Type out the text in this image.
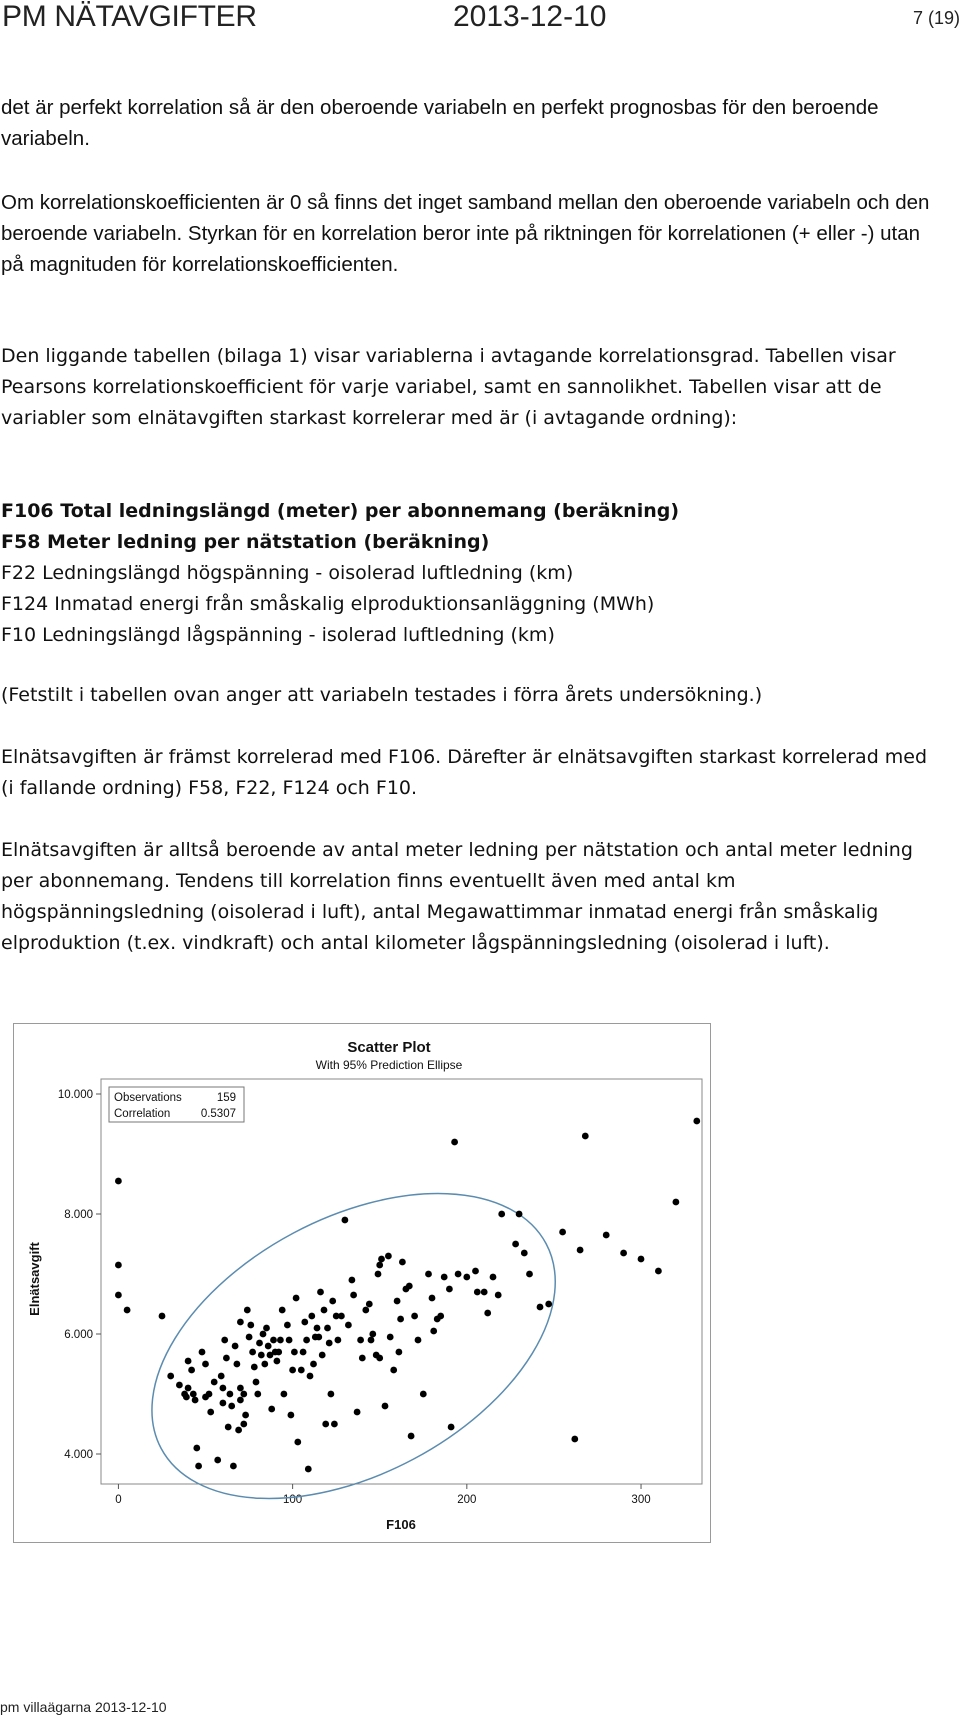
PM NÄTAVGIFTER	2013-12-10	7 (19)

det är perfekt korrelation så är den oberoende variabeln en perfekt prognosbas för den beroende variabeln.

Om korrelationskoefficienten är 0 så finns det inget samband mellan den oberoende variabeln och den beroende variabeln. Styrkan för en korrelation beror inte på riktningen för korrelationen (+ eller -) utan på magnituden för korrelationskoefficienten.

Den liggande tabellen (bilaga 1) visar variablerna i avtagande korrelationsgrad. Tabellen visar Pearsons korrelationskoefficient för varje variabel, samt en sannolikhet. Tabellen visar att de variabler som elnätavgiften starkast korrelerar med är (i avtagande ordning):

F106 Total ledningslängd (meter) per abonnemang (beräkning)
F58 Meter ledning per nätstation (beräkning)
F22 Ledningslängd högspänning - oisolerad luftledning (km)
F124 Inmatad energi från småskalig elproduktionsanläggning (MWh)
F10 Ledningslängd lågspänning - isolerad luftledning (km)

(Fetstilt i tabellen ovan anger att variabeln testades i förra årets undersökning.)

Elnätsavgiften är främst korrelerad med F106. Därefter är elnätsavgiften starkast korrelerad med (i fallande ordning) F58, F22, F124 och F10.

Elnätsavgiften är alltså beroende av antal meter ledning per nätstation och antal meter ledning per abonnemang. Tendens till korrelation finns eventuellt även med antal km högspänningsledning (oisolerad i luft), antal Megawattimmar inmatad energi från småskalig elproduktion (t.ex. vindkraft) och antal kilometer lågspänningsledning (oisolerad i luft).

Scatter Plot
With 95% Prediction Ellipse
Elnätsavgift
F106
0	100	200	300
4.000
6.000
8.000
10.000 Observations	159
Correlation	0.5307
pm villaägarna 2013-12-10
